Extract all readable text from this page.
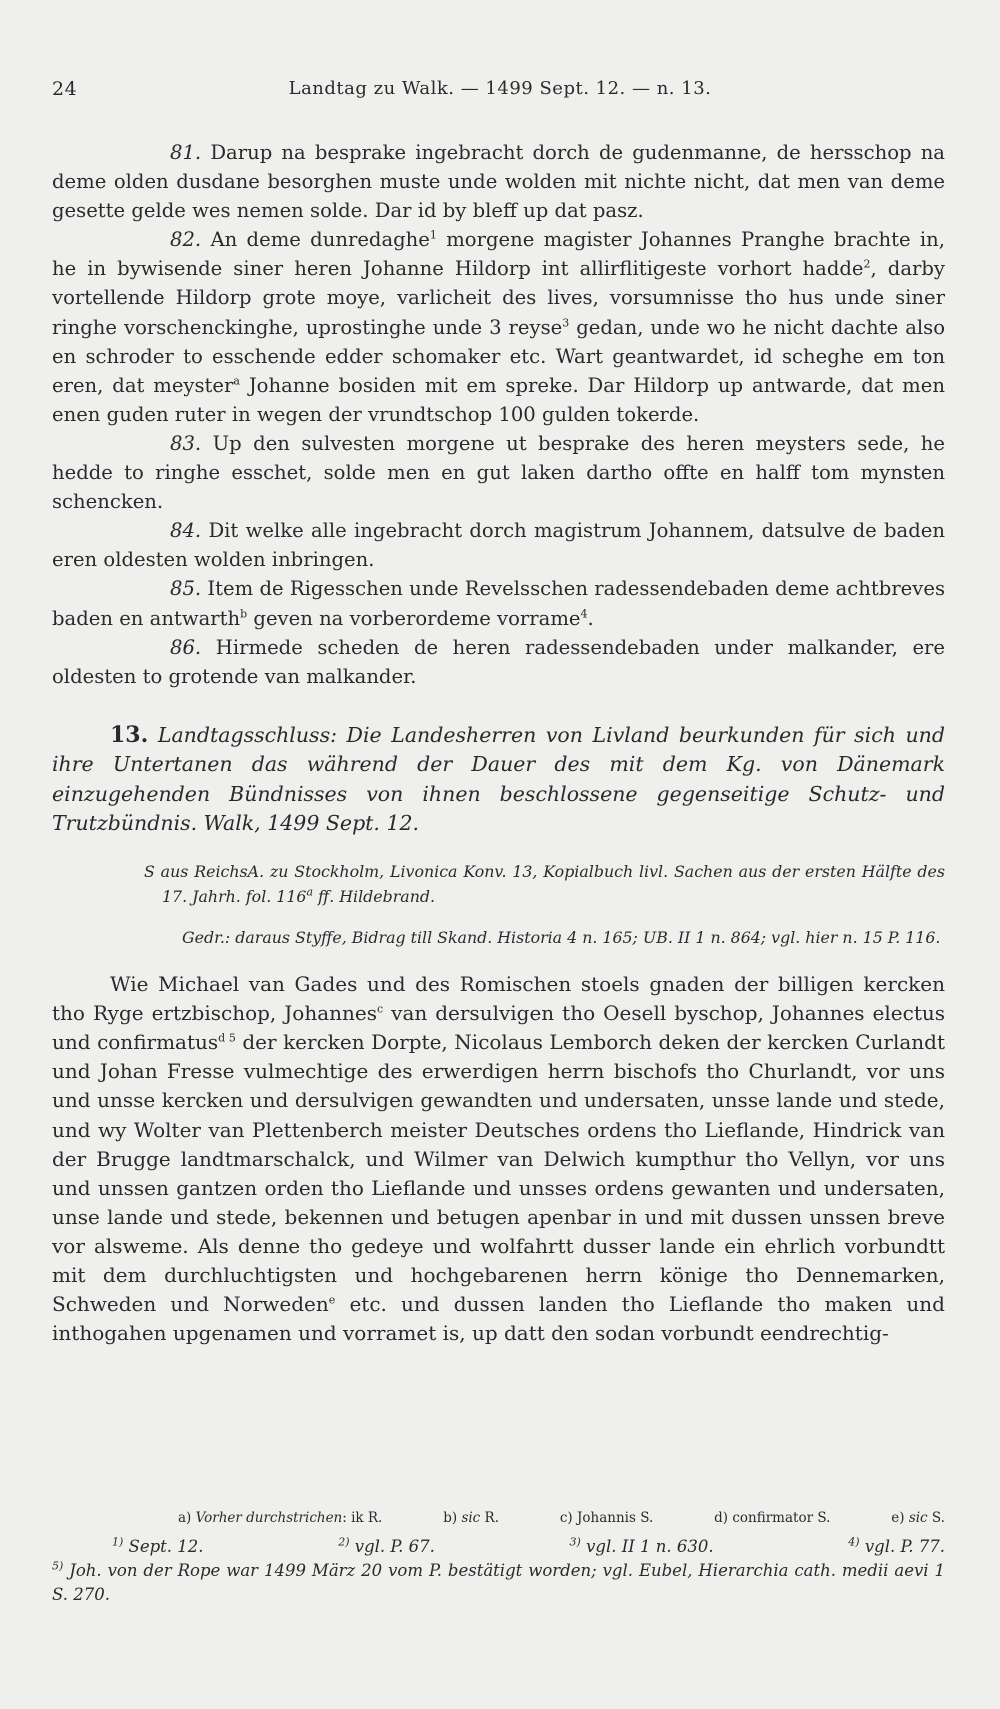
24	Landtag zu Walk. — 1499 Sept. 12. — n. 13.

81. Darup na besprake ingebracht dorch de gudenmanne, de hersschop na deme olden dusdane besorghen muste unde wolden mit nichte nicht, dat men van deme gesette gelde wes nemen solde. Dar id by bleff up dat pasz.

82. An deme dunredaghe$^1$ morgene magister Johannes Pranghe brachte in, he in bywisende siner heren Johanne Hildorp int allirflitigeste vorhort hadde$^2$, darby vortellende Hildorp grote moye, varlicheit des lives, vorsumnisse tho hus unde siner ringhe vorschenckinghe, uprostinghe unde 3 reyse$^3$ gedan, unde wo he nicht dachte also en schroder to esschende edder schomaker etc. Wart geantwardet, id scheghe em ton eren, dat meyster$^a$ Johanne bosiden mit em spreke. Dar Hildorp up antwarde, dat men enen guden ruter in wegen der vrundtschop 100 gulden tokerde.

83. Up den sulvesten morgene ut besprake des heren meysters sede, he hedde to ringhe esschet, solde men en gut laken dartho offte en halff tom mynsten schencken.

84. Dit welke alle ingebracht dorch magistrum Johannem, datsulve de baden eren oldesten wolden inbringen.

85. Item de Rigesschen unde Revelsschen radessendebaden deme achtbreves baden en antwarth$^b$ geven na vorberordeme vorrame$^4$.

86. Hirmede scheden de heren radessendebaden under malkander, ere oldesten to grotende van malkander.

13. Landtagsschluss: Die Landesherren von Livland beurkunden für sich und ihre Untertanen das während der Dauer des mit dem Kg. von Dänemark einzugehenden Bündnisses von ihnen beschlossene gegenseitige Schutz- und Trutzbündnis. Walk, 1499 Sept. 12.

S aus ReichsA. zu Stockholm, Livonica Konv. 13, Kopialbuch livl. Sachen aus der ersten Hälfte des 17. Jahrh. fol. 116$^a$ ff. Hildebrand.

Gedr.: daraus Styffe, Bidrag till Skand. Historia 4 n. 165; UB. II 1 n. 864; vgl. hier n. 15 P. 116.

Wie Michael van Gades und des Romischen stoels gnaden der billigen kercken tho Ryge ertzbischop, Johannes$^c$ van dersulvigen tho Oesell byschop, Johannes electus und confirmatus$^{d 5}$ der kercken Dorpte, Nicolaus Lemborch deken der kercken Curlandt und Johan Fresse vulmechtige des erwerdigen herrn bischofs tho Churlandt, vor uns und unsse kercken und dersulvigen gewandten und undersaten, unsse lande und stede, und wy Wolter van Plettenberch meister Deutsches ordens tho Lieflande, Hindrick van der Brugge landtmarschalck, und Wilmer van Delwich kumpthur tho Vellyn, vor uns und unssen gantzen orden tho Lieflande und unsses ordens gewanten und undersaten, unse lande und stede, bekennen und betugen apenbar in und mit dussen unssen breve vor alsweme. Als denne tho gedeye und wolfahrtt dusser lande ein ehrlich vorbundtt mit dem durchluchtigsten und hochgebarenen herrn könige tho Dennemarken, Schweden und Norweden$^e$ etc. und dussen landen tho Lieflande tho maken und inthogahen upgenamen und vorramet is, up datt den sodan vorbundt eendrechtig-

a) Vorher durchstrichen: ik R.	b) sic R.	c) Johannis S.	d) confirmator S.	e) sic S.
$^{1)}$ Sept. 12.	$^{2)}$ vgl. P. 67.	$^{3)}$ vgl. II 1 n. 630.	$^{4)}$ vgl. P. 77.
$^{5)}$ Joh. von der Rope war 1499 März 20 vom P. bestätigt worden; vgl. Eubel, Hierarchia cath. medii aevi 1 S. 270.
